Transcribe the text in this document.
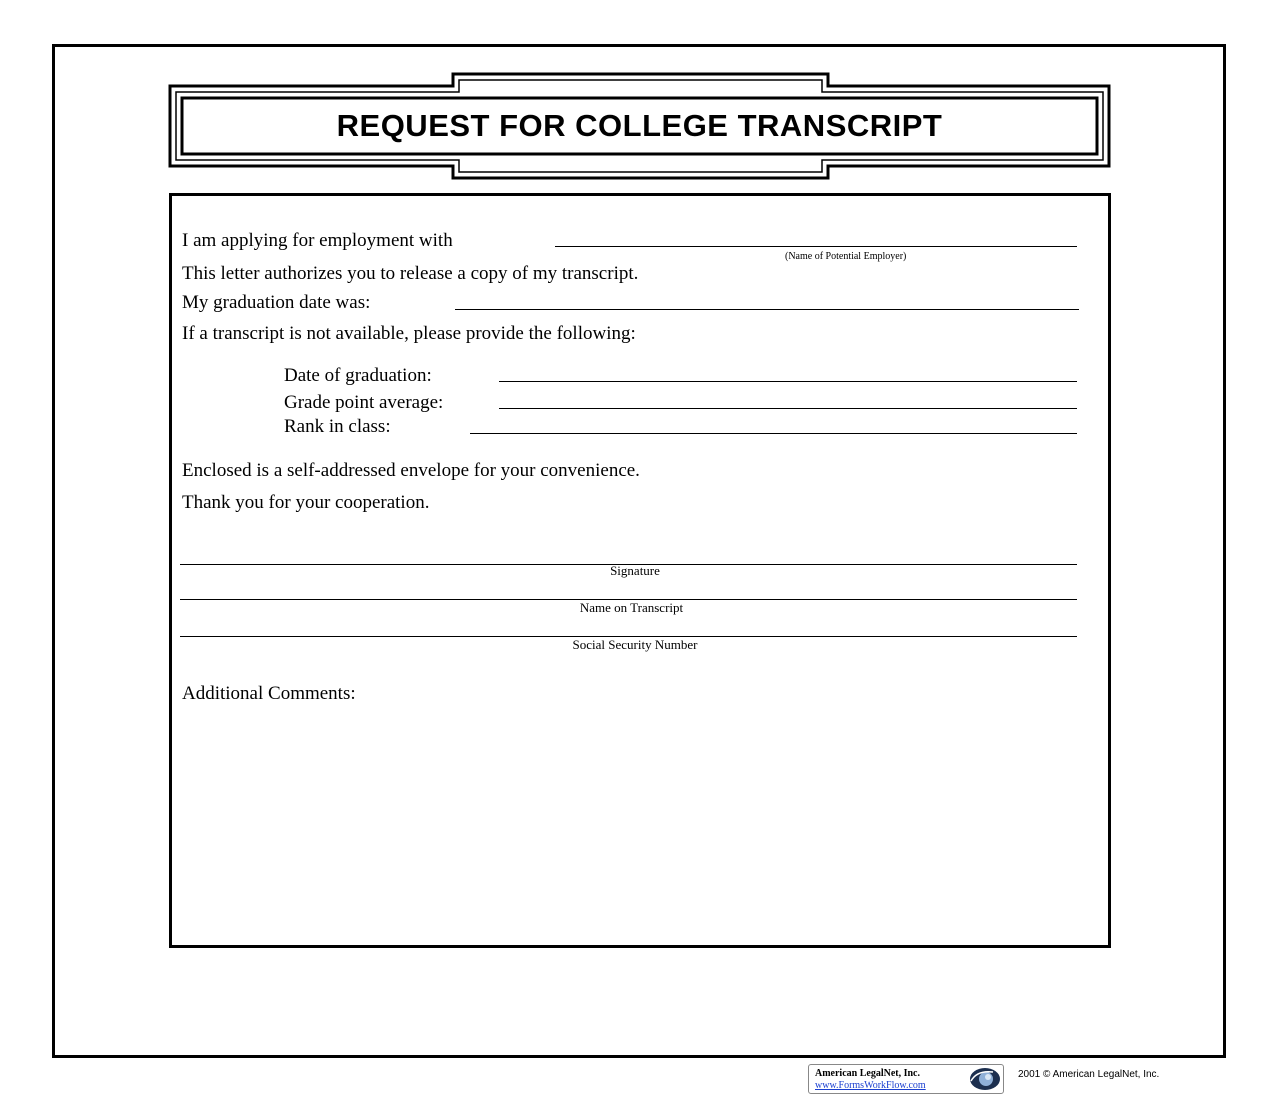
REQUEST FOR COLLEGE TRANSCRIPT
I am applying for employment with
(Name of Potential Employer)
This letter authorizes you to release a copy of my transcript.
My graduation date was:
If a transcript is not available, please provide the following:
Date of graduation:
Grade point average:
Rank in class:
Enclosed is a self-addressed envelope for your convenience.
Thank you for your cooperation.
Signature
Name on Transcript
Social Security Number
Additional Comments:
American LegalNet, Inc.
www.FormsWorkFlow.com
2001 © American LegalNet, Inc.
